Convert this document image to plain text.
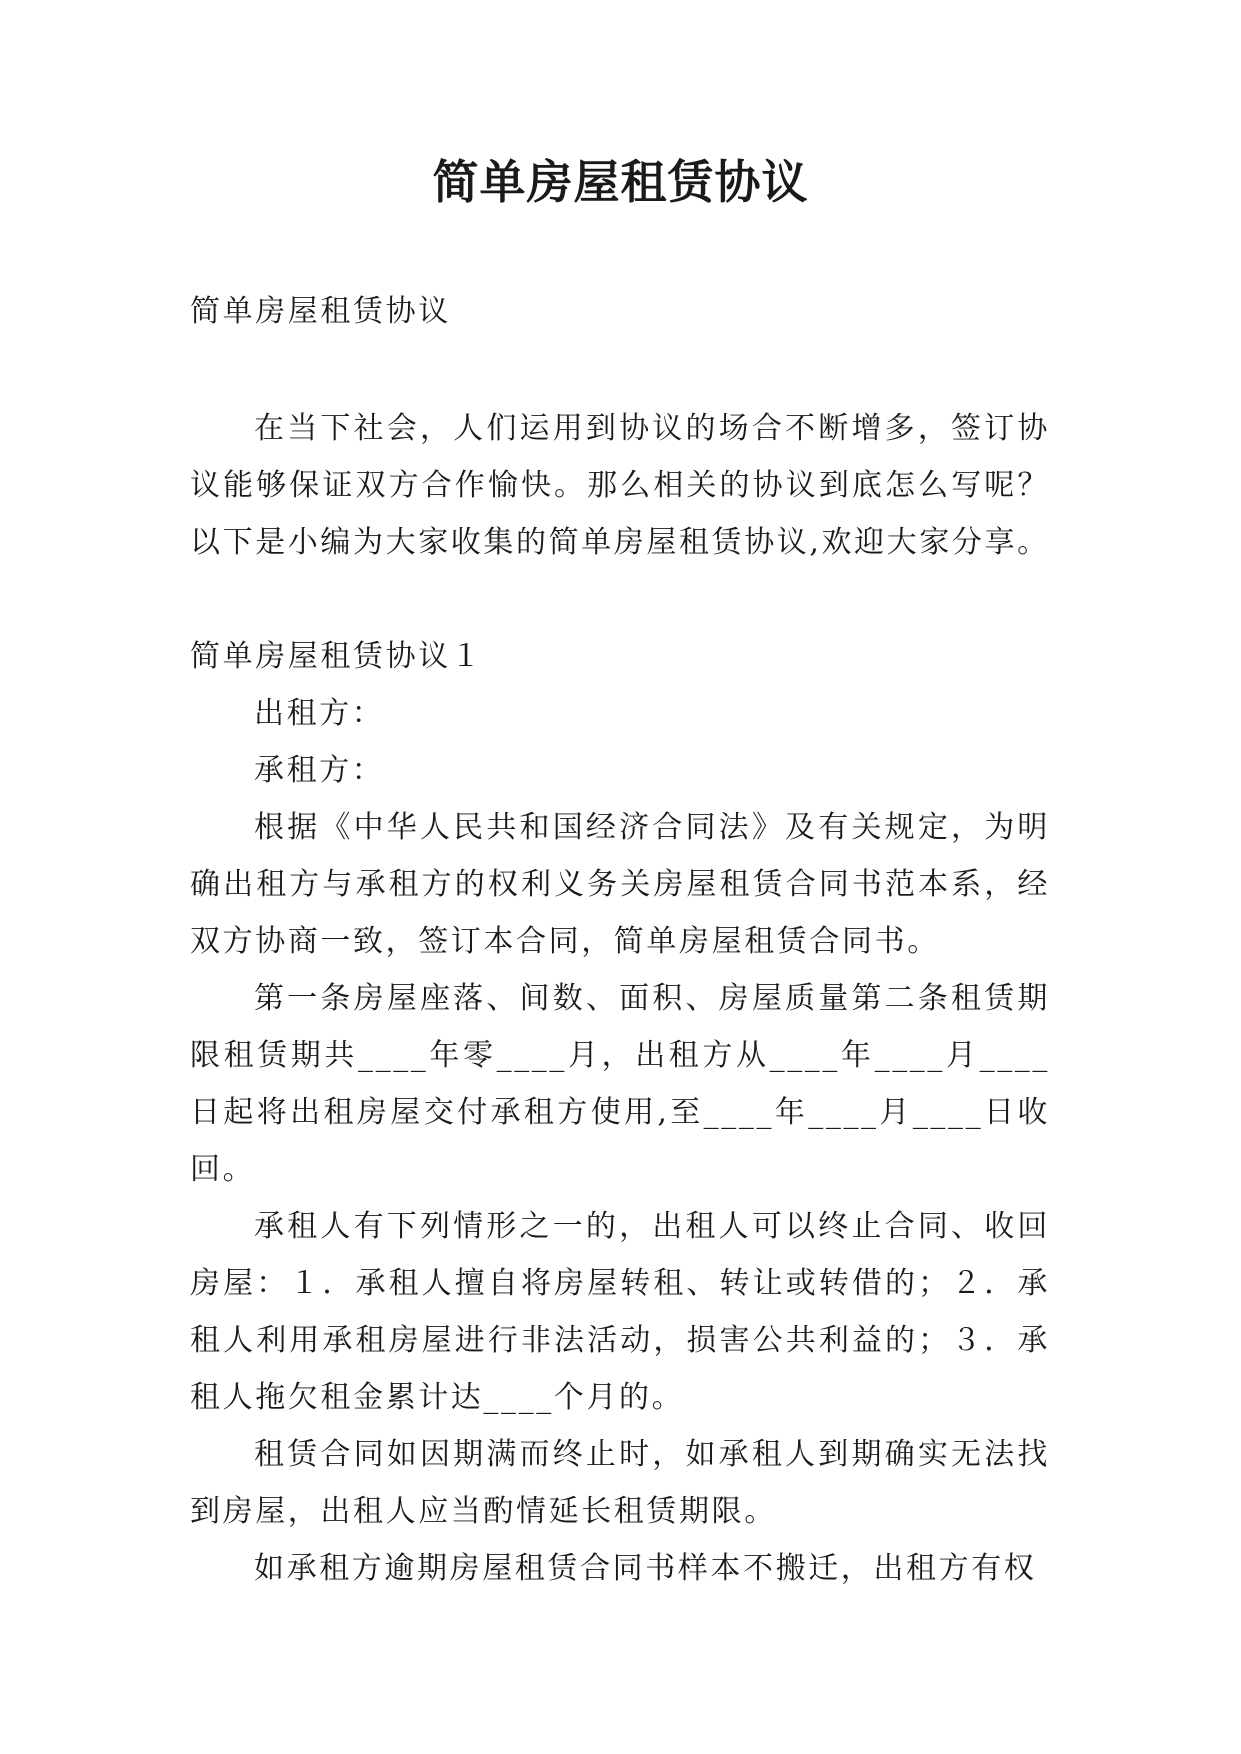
简单房屋租赁协议

简单房屋租赁协议

在当下社会，人们运用到协议的场合不断增多，签订协议能够保证双方合作愉快。那么相关的协议到底怎么写呢？以下是小编为大家收集的简单房屋租赁协议,欢迎大家分享。

简单房屋租赁协议１

出租方：

承租方：

根据《中华人民共和国经济合同法》及有关规定，为明确出租方与承租方的权利义务关房屋租赁合同书范本系，经双方协商一致，签订本合同，简单房屋租赁合同书。

第一条房屋座落、间数、面积、房屋质量第二条租赁期限租赁期共____年零____月，出租方从____年____月____日起将出租房屋交付承租方使用,至____年____月____日收回。

承租人有下列情形之一的，出租人可以终止合同、收回房屋：１．承租人擅自将房屋转租、转让或转借的；２．承租人利用承租房屋进行非法活动，损害公共利益的；３．承租人拖欠租金累计达____个月的。

租赁合同如因期满而终止时，如承租人到期确实无法找到房屋，出租人应当酌情延长租赁期限。

如承租方逾期房屋租赁合同书样本不搬迁，出租方有权
